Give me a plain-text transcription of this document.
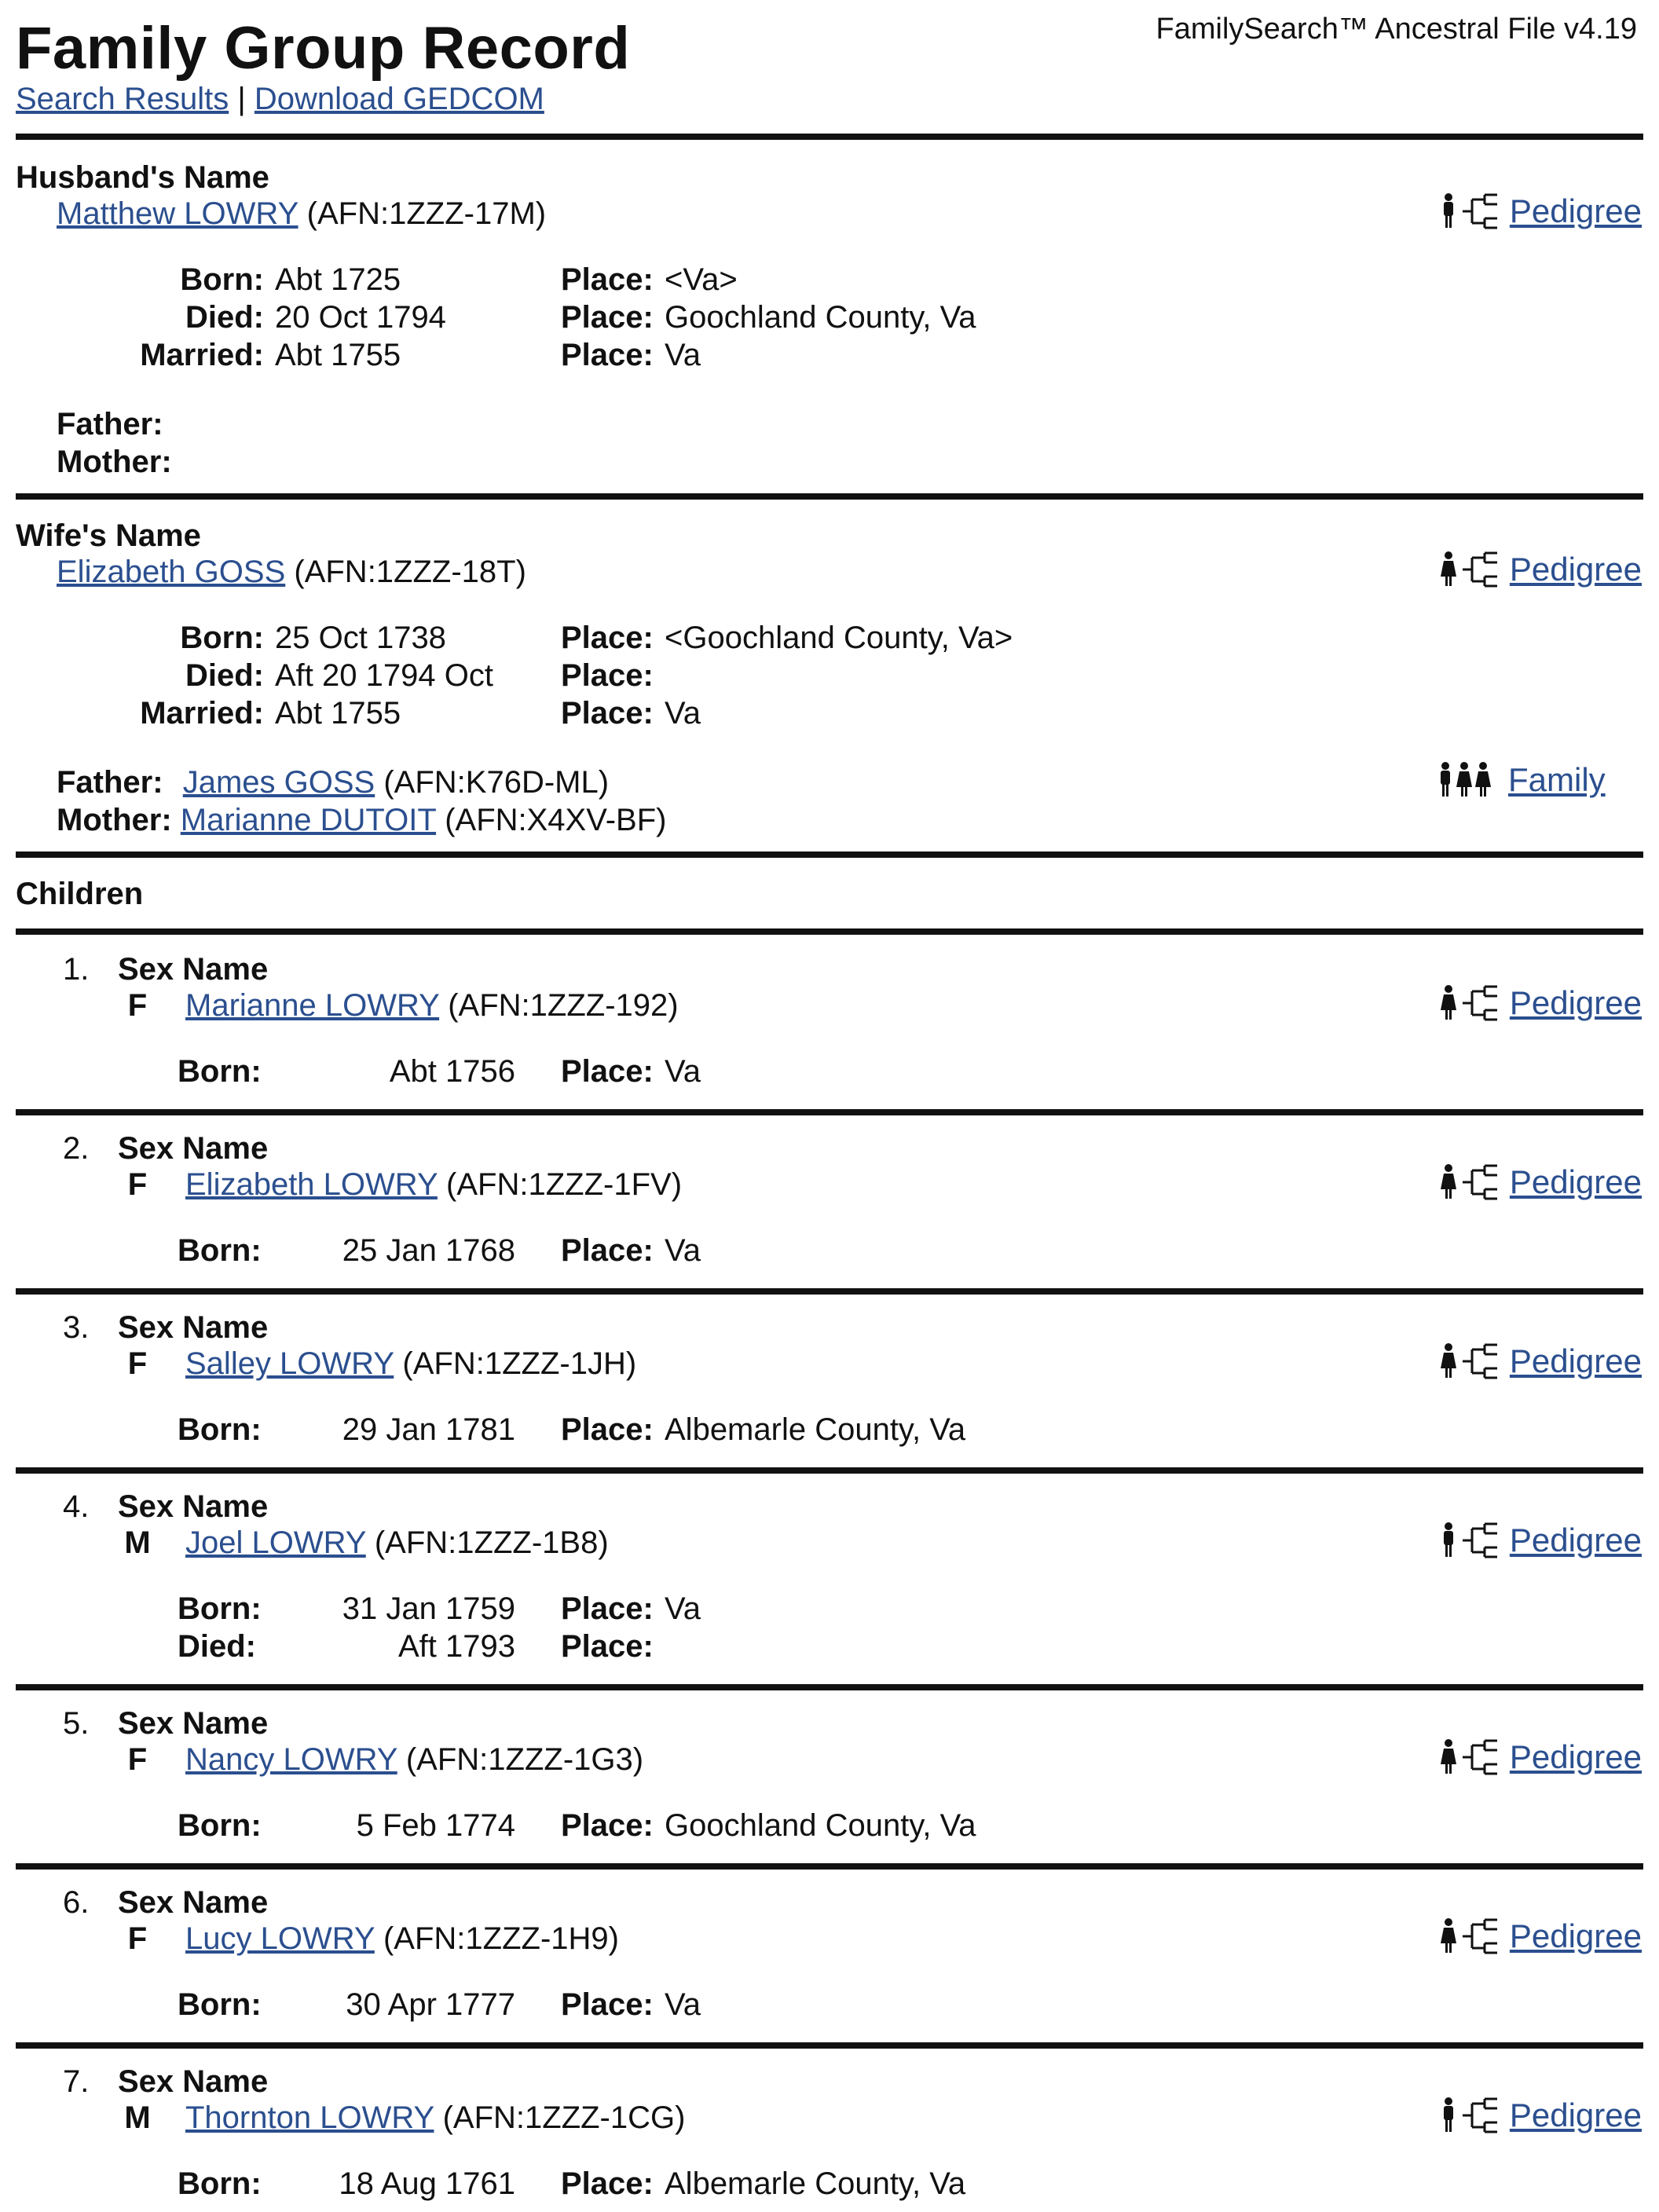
Family Group Record	FamilySearch™ Ancestral File v4.19
Search Results | Download GEDCOM
Husband's Name
Matthew LOWRY (AFN:1ZZZ-17M)	Pedigree
Born: Abt 1725	Place: <Va>
Died: 20 Oct 1794	Place: Goochland County, Va
Married: Abt 1755	Place: Va
Father:
Mother:
Wife's Name
Elizabeth GOSS (AFN:1ZZZ-18T)	Pedigree
Born: 25 Oct 1738	Place: <Goochland County, Va>
Died: Aft 20 1794 Oct Place:
Married: Abt 1755	Place: Va
Father: James GOSS (AFN:K76D-ML)
Mother: Marianne DUTOIT (AFN:X4XV-BF)
Family
Children
1. Sex Name
F	Marianne LOWRY (AFN:1ZZZ-192)	Pedigree
Born:	Abt 1756 Place: Va
2. Sex Name
F	Elizabeth LOWRY (AFN:1ZZZ-1FV)	Pedigree
Born:	25 Jan 1768 Place: Va
3. Sex Name
F	Salley LOWRY (AFN:1ZZZ-1JH)	Pedigree
Born:	29 Jan 1781 Place: Albemarle County, Va
4. Sex Name
M Joel LOWRY (AFN:1ZZZ-1B8)	Pedigree
Born:	31 Jan 1759 Place: Va
Died:	Aft 1793 Place:
5. Sex Name
F	Nancy LOWRY (AFN:1ZZZ-1G3)	Pedigree
Born:	5 Feb 1774 Place: Goochland County, Va
6. Sex Name
F	Lucy LOWRY (AFN:1ZZZ-1H9)	Pedigree
Born:	30 Apr 1777 Place: Va
7. Sex Name
M Thornton LOWRY (AFN:1ZZZ-1CG)	Pedigree
Born:	18 Aug 1761 Place: Albemarle County, Va
